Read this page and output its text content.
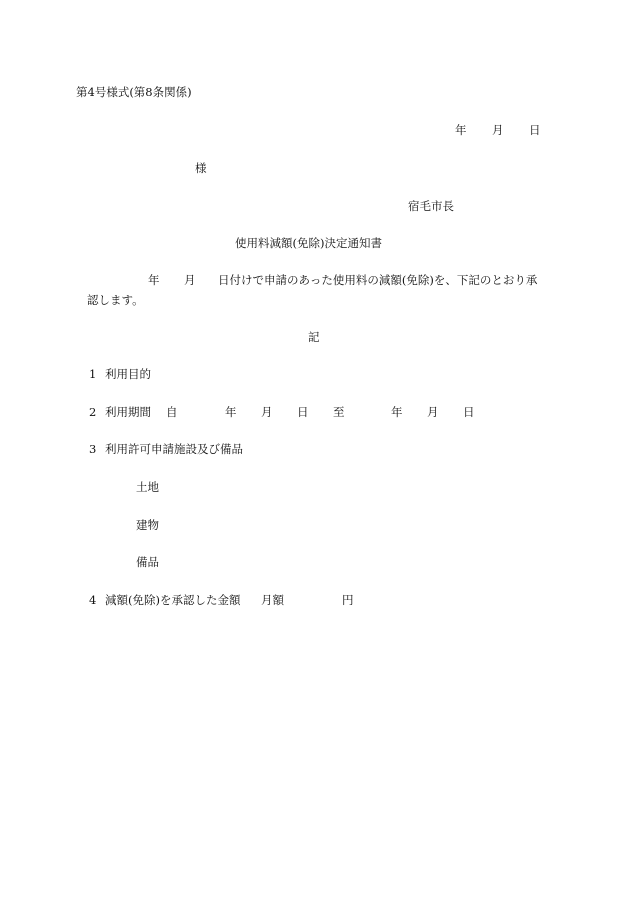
第4号様式(第8条関係)
年 月 日
様
宿毛市長
使用料減額(免除)決定通知書
年 月 日付けで申請のあった使用料の減額(免除)を、下記のとおり承
認します。
記
1 利用目的
2 利用期間 自	年 月 日 至	年 月 日
3 利用許可申請施設及び備品
土地
建物
備品
4 減額(免除)を承認した金額 月額	円
